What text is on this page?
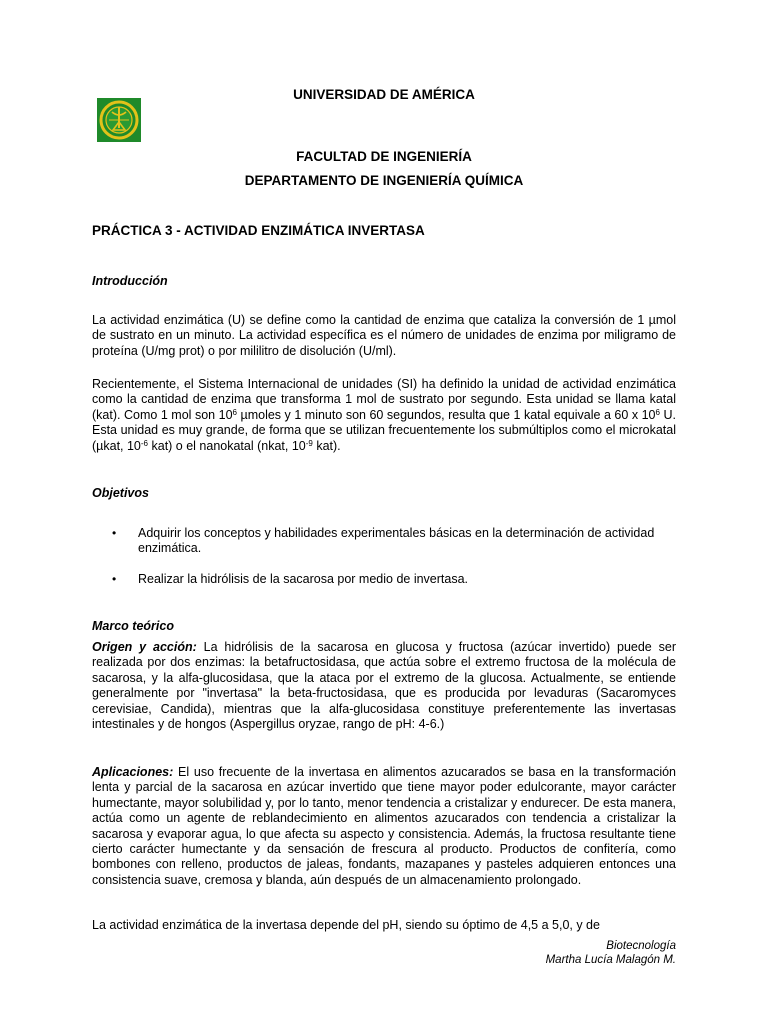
UNIVERSIDAD DE AMÉRICA
FACULTAD DE INGENIERÍA
DEPARTAMENTO DE INGENIERÍA QUÍMICA
PRÁCTICA 3 - ACTIVIDAD ENZIMÁTICA INVERTASA
Introducción
La actividad enzimática (U) se define como la cantidad de enzima que cataliza la conversión de 1 µmol de sustrato en un minuto. La actividad específica es el número de unidades de enzima por miligramo de proteína (U/mg prot) o por mililitro de disolución (U/ml).
Recientemente, el Sistema Internacional de unidades (SI) ha definido la unidad de actividad enzimática como la cantidad de enzima que transforma 1 mol de sustrato por segundo. Esta unidad se llama katal (kat). Como 1 mol son $10^6$ µmoles y 1 minuto son 60 segundos, resulta que 1 katal equivale a 60 x $10^6$ U. Esta unidad es muy grande, de forma que se utilizan frecuentemente los submúltiplos como el microkatal (µkat, $10^{-6}$ kat) o el nanokatal (nkat, $10^{-9}$ kat).
Objetivos
• Adquirir los conceptos y habilidades experimentales básicas en la determinación de actividad enzimática.
• Realizar la hidrólisis de la sacarosa por medio de invertasa.
Marco teórico
Origen y acción: La hidrólisis de la sacarosa en glucosa y fructosa (azúcar invertido) puede ser realizada por dos enzimas: la betafructosidasa, que actúa sobre el extremo fructosa de la molécula de sacarosa, y la alfa-glucosidasa, que la ataca por el extremo de la glucosa. Actualmente, se entiende generalmente por "invertasa" la beta-fructosidasa, que es producida por levaduras (Sacaromyces cerevisiae, Candida), mientras que la alfa-glucosidasa constituye preferentemente las invertasas intestinales y de hongos (Aspergillus oryzae, rango de pH: 4-6.)
Aplicaciones: El uso frecuente de la invertasa en alimentos azucarados se basa en la transformación lenta y parcial de la sacarosa en azúcar invertido que tiene mayor poder edulcorante, mayor carácter humectante, mayor solubilidad y, por lo tanto, menor tendencia a cristalizar y endurecer. De esta manera, actúa como un agente de reblandecimiento en alimentos azucarados con tendencia a cristalizar la sacarosa y evaporar agua, lo que afecta su aspecto y consistencia. Además, la fructosa resultante tiene cierto carácter humectante y da sensación de frescura al producto. Productos de confitería, como bombones con relleno, productos de jaleas, fondants, mazapanes y pasteles adquieren entonces una consistencia suave, cremosa y blanda, aún después de un almacenamiento prolongado.
La actividad enzimática de la invertasa depende del pH, siendo su óptimo de 4,5 a 5,0, y de
Biotecnología
Martha Lucía Malagón M.
